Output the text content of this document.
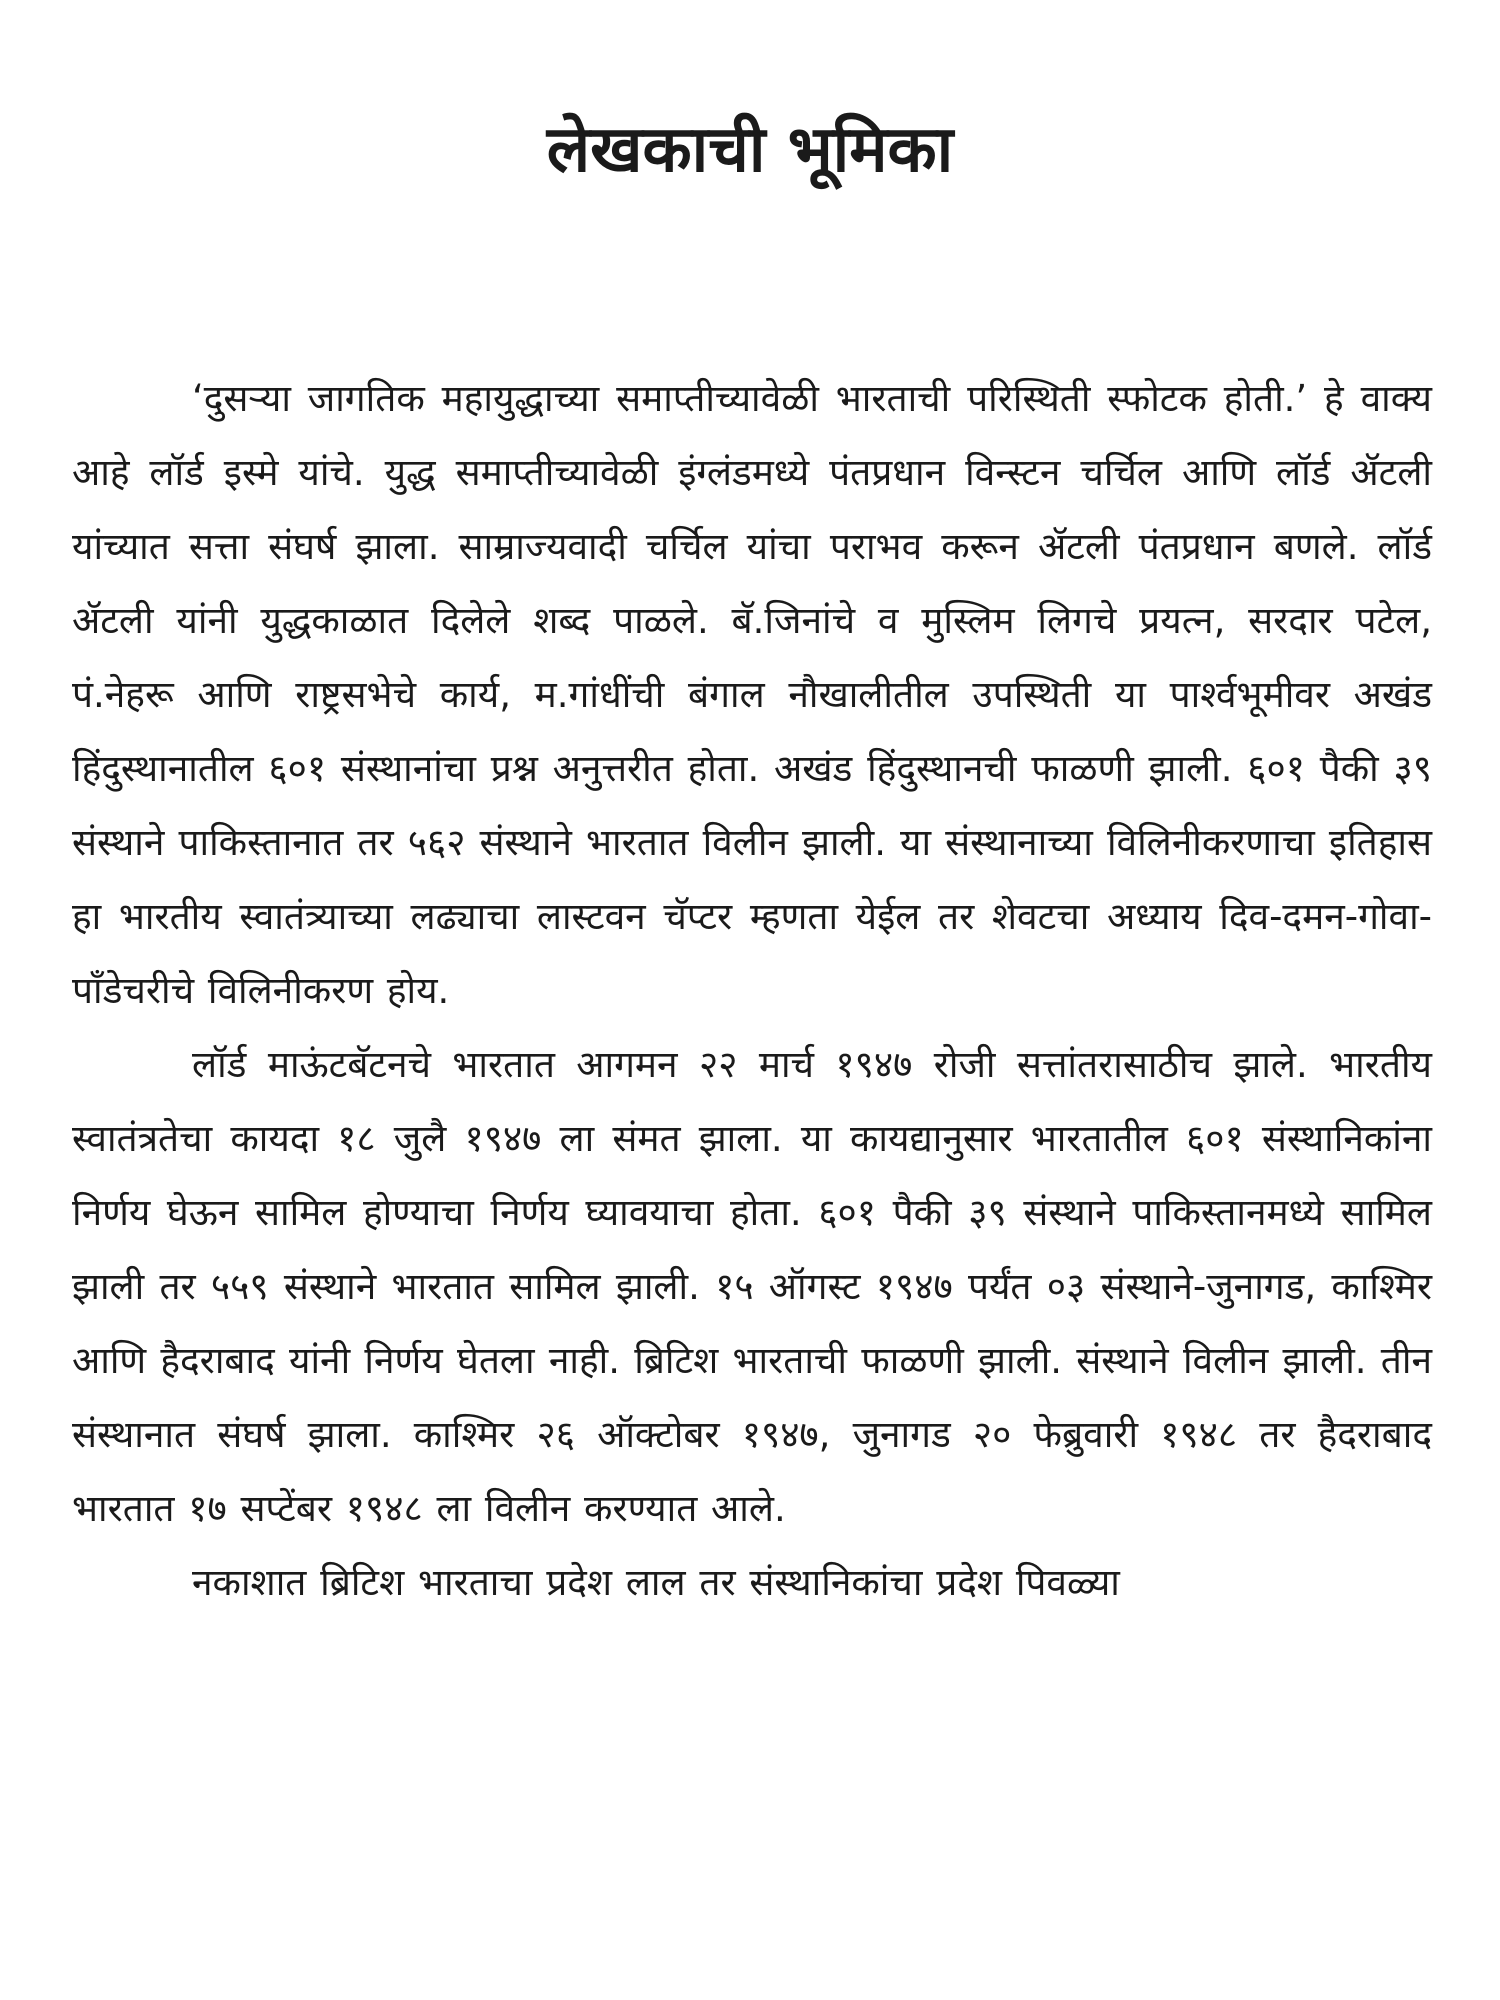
लेखकाची भूमिका

‘दुसऱ्या जागतिक महायुद्धाच्या समाप्तीच्यावेळी भारताची परिस्थिती स्फोटक होती.’ हे वाक्य आहे लॉर्ड इस्मे यांचे. युद्ध समाप्तीच्यावेळी इंग्लंडमध्ये पंतप्रधान विन्स्टन चर्चिल आणि लॉर्ड ॲटली यांच्यात सत्ता संघर्ष झाला. साम्राज्यवादी चर्चिल यांचा पराभव करून ॲटली पंतप्रधान बणले. लॉर्ड ॲटली यांनी युद्धकाळात दिलेले शब्द पाळले. बॅ.जिनांचे व मुस्लिम लिगचे प्रयत्न, सरदार पटेल, पं.नेहरू आणि राष्ट्रसभेचे कार्य, म.गांधींची बंगाल नौखालीतील उपस्थिती या पार्श्वभूमीवर अखंड हिंदुस्थानातील ६०१ संस्थानांचा प्रश्न अनुत्तरीत होता. अखंड हिंदुस्थानची फाळणी झाली. ६०१ पैकी ३९ संस्थाने पाकिस्तानात तर ५६२ संस्थाने भारतात विलीन झाली. या संस्थानाच्या विलिनीकरणाचा इतिहास हा भारतीय स्वातंत्र्याच्या लढ्याचा लास्टवन चॅप्टर म्हणता येईल तर शेवटचा अध्याय दिव-दमन-गोवा-पाँडेचरीचे विलिनीकरण होय.

लॉर्ड माऊंटबॅटनचे भारतात आगमन २२ मार्च १९४७ रोजी सत्तांतरासाठीच झाले. भारतीय स्वातंत्रतेचा कायदा १८ जुलै १९४७ ला संमत झाला. या कायद्यानुसार भारतातील ६०१ संस्थानिकांना निर्णय घेऊन सामिल होण्याचा निर्णय घ्यावयाचा होता. ६०१ पैकी ३९ संस्थाने पाकिस्तानमध्ये सामिल झाली तर ५५९ संस्थाने भारतात सामिल झाली. १५ ऑगस्ट १९४७ पर्यंत ०३ संस्थाने-जुनागड, काश्मिर आणि हैदराबाद यांनी निर्णय घेतला नाही. ब्रिटिश भारताची फाळणी झाली. संस्थाने विलीन झाली. तीन संस्थानात संघर्ष झाला. काश्मिर २६ ऑक्टोबर १९४७, जुनागड २० फेब्रुवारी १९४८ तर हैदराबाद भारतात १७ सप्टेंबर १९४८ ला विलीन करण्यात आले.

नकाशात ब्रिटिश भारताचा प्रदेश लाल तर संस्थानिकांचा प्रदेश पिवळ्या
